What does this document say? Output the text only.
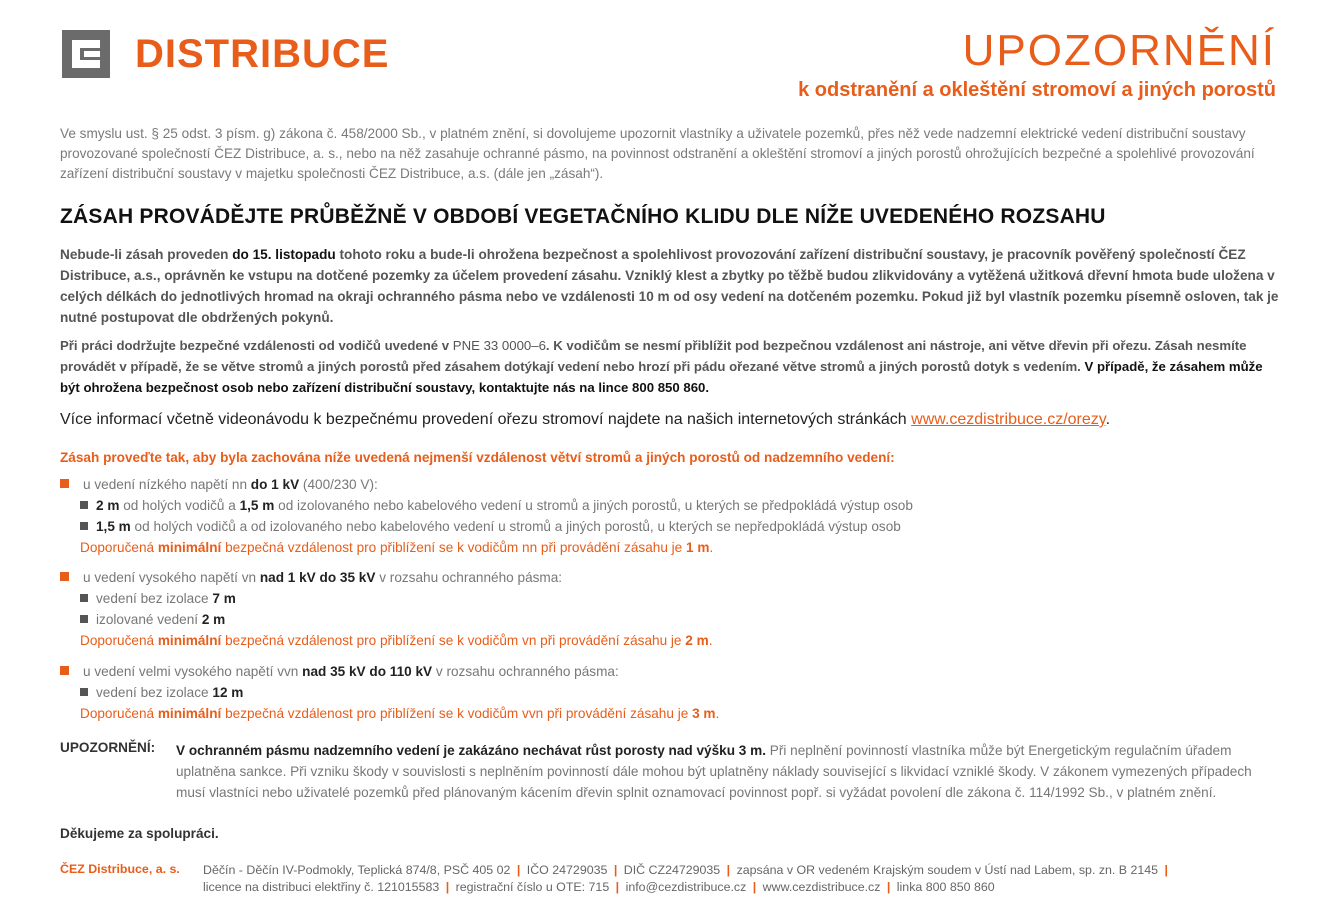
DISTRIBUCE	UPOZORNĚNÍ
k odstranění a okleštění stromoví a jiných porostů
Ve smyslu ust. § 25 odst. 3 písm. g) zákona č. 458/2000 Sb., v platném znění, si dovolujeme upozornit vlastníky a uživatele pozemků, přes něž vede nadzemní elektrické vedení distribuční soustavy provozované společností ČEZ Distribuce, a. s., nebo na něž zasahuje ochranné pásmo, na povinnost odstranění a okleštění stromoví a jiných porostů ohrožujících bezpečné a spolehlivé provozování zařízení distribuční soustavy v majetku společnosti ČEZ Distribuce, a.s. (dále jen „zásah“).
ZÁSAH PROVÁDĚJTE PRŮBĚŽNĚ V OBDOBÍ VEGETAČNÍHO KLIDU DLE NÍŽE UVEDENÉHO ROZSAHU
Nebude-li zásah proveden do 15. listopadu tohoto roku a bude-li ohrožena bezpečnost a spolehlivost provozování zařízení distribuční soustavy, je pracovník pověřený společností ČEZ Distribuce, a.s., oprávněn ke vstupu na dotčené pozemky za účelem provedení zásahu. Vzniklý klest a zbytky po těžbě budou zlikvidovány a vytěžená užitková dřevní hmota bude uložena v celých délkách do jednotlivých hromad na okraji ochranného pásma nebo ve vzdálenosti 10 m od osy vedení na dotčeném pozemku. Pokud již byl vlastník pozemku písemně osloven, tak je nutné postupovat dle obdržených pokynů.
Při práci dodržujte bezpečné vzdálenosti od vodičů uvedené v PNE 33 0000–6. K vodičům se nesmí přiblížit pod bezpečnou vzdálenost ani nástroje, ani větve dřevin při ořezu. Zásah nesmíte provádět v případě, že se větve stromů a jiných porostů před zásahem dotýkají vedení nebo hrozí při pádu ořezané větve stromů a jiných porostů dotyk s vedením. V případě, že zásahem může být ohrožena bezpečnost osob nebo zařízení distribuční soustavy, kontaktujte nás na lince 800 850 860.
Více informací včetně videonávodu k bezpečnému provedení ořezu stromoví najdete na našich internetových stránkách www.cezdistribuce.cz/orezy.
Zásah proveďte tak, aby byla zachována níže uvedená nejmenší vzdálenost větví stromů a jiných porostů od nadzemního vedení:
u vedení nízkého napětí nn do 1 kV (400/230 V):
2 m od holých vodičů a 1,5 m od izolovaného nebo kabelového vedení u stromů a jiných porostů, u kterých se předpokládá výstup osob
1,5 m od holých vodičů a od izolovaného nebo kabelového vedení u stromů a jiných porostů, u kterých se nepředpokládá výstup osob
Doporučená minimální bezpečná vzdálenost pro přiblížení se k vodičům nn při provádění zásahu je 1 m.
u vedení vysokého napětí vn nad 1 kV do 35 kV v rozsahu ochranného pásma:
vedení bez izolace 7 m
izolované vedení 2 m
Doporučená minimální bezpečná vzdálenost pro přiblížení se k vodičům vn při provádění zásahu je 2 m.
u vedení velmi vysokého napětí vvn nad 35 kV do 110 kV v rozsahu ochranného pásma:
vedení bez izolace 12 m
Doporučená minimální bezpečná vzdálenost pro přiblížení se k vodičům vvn při provádění zásahu je 3 m.
UPOZORNĚNÍ: V ochranném pásmu nadzemního vedení je zakázáno nechávat růst porosty nad výšku 3 m. Při neplnění povinností vlastníka může být Energetickým regulačním úřadem uplatněna sankce. Při vzniku škody v souvislosti s neplněním povinností dále mohou být uplatněny náklady související s likvidací vzniklé škody. V zákonem vymezených případech musí vlastníci nebo uživatelé pozemků před plánovaným kácením dřevin splnit oznamovací povinnost popř. si vyžádat povolení dle zákona č. 114/1992 Sb., v platném znění.
Děkujeme za spolupráci.
ČEZ Distribuce, a. s. Děčín - Děčín IV-Podmokly, Teplická 874/8, PSČ 405 02 | IČO 24729035 | DIČ CZ24729035 | zapsána v OR vedeném Krajským soudem v Ústí nad Labem, sp. zn. B 2145 |
licence na distribuci elektřiny č. 121015583 | registrační číslo u OTE: 715 | info@cezdistribuce.cz | www.cezdistribuce.cz | linka 800 850 860
